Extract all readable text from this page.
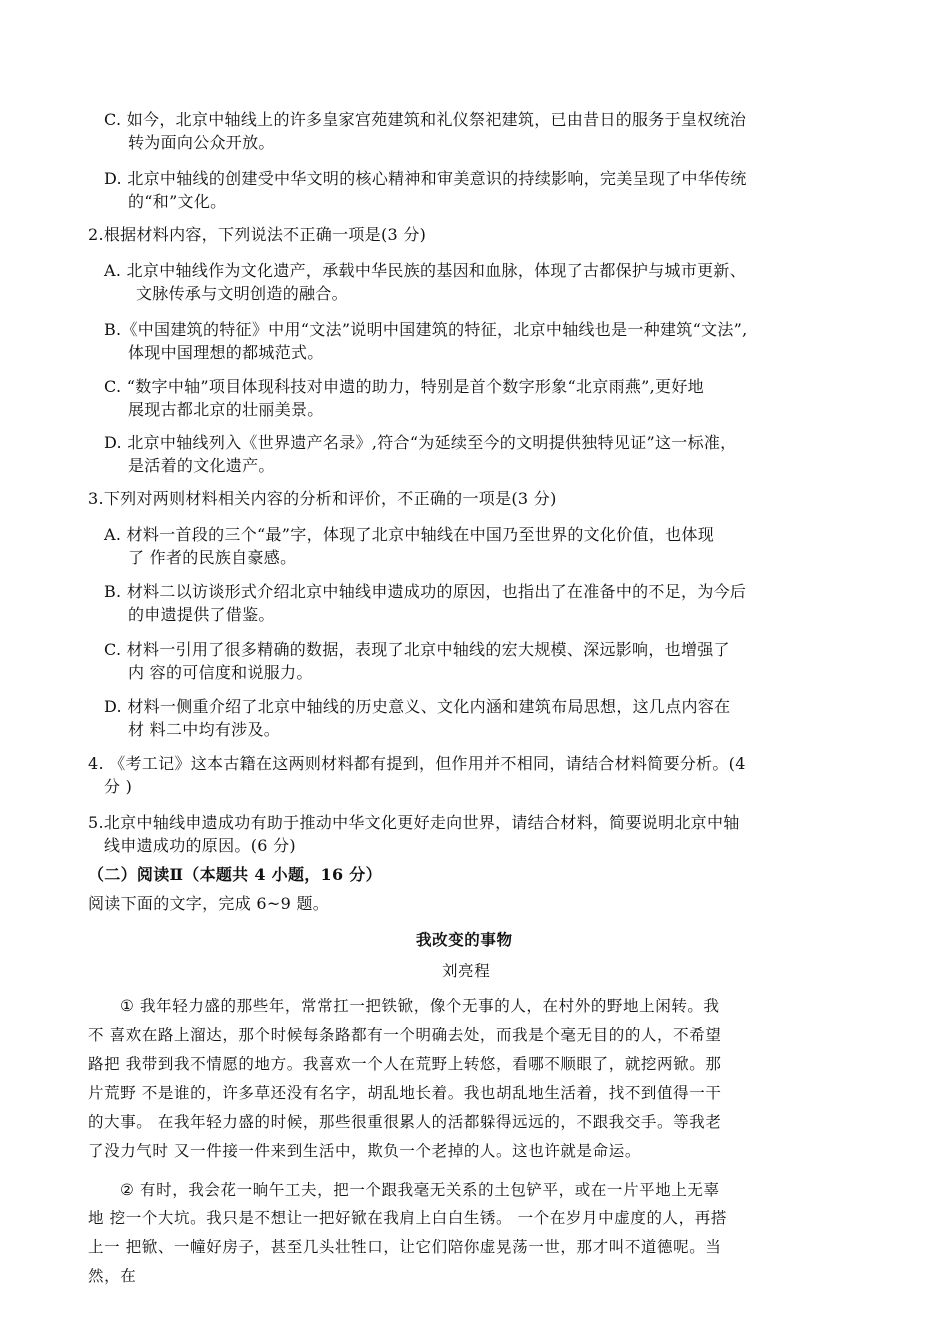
C. 如今，北京中轴线上的许多皇家宫苑建筑和礼仪祭祀建筑，已由昔日的服务于皇权统治
转为面向公众开放。
D. 北京中轴线的创建受中华文明的核心精神和审美意识的持续影响，完美呈现了中华传统
的“和”文化。
2.根据材料内容，下列说法不正确一项是(3 分)
A. 北京中轴线作为文化遗产，承载中华民族的基因和血脉，体现了古都保护与城市更新、
文脉传承与文明创造的融合。
B.《中国建筑的特征》中用“文法”说明中国建筑的特征，北京中轴线也是一种建筑“文法”,
体现中国理想的都城范式。
C. “数字中轴”项目体现科技对申遗的助力，特别是首个数字形象“北京雨燕”,更好地
展现古都北京的壮丽美景。
D. 北京中轴线列入《世界遗产名录》,符合“为延续至今的文明提供独特见证”这一标准，
是活着的文化遗产。
3.下列对两则材料相关内容的分析和评价，不正确的一项是(3 分)
A. 材料一首段的三个“最”字，体现了北京中轴线在中国乃至世界的文化价值，也体现
了 作者的民族自豪感。
B. 材料二以访谈形式介绍北京中轴线申遗成功的原因，也指出了在准备中的不足，为今后
的申遗提供了借鉴。
C. 材料一引用了很多精确的数据，表现了北京中轴线的宏大规模、深远影响，也增强了
内 容的可信度和说服力。
D. 材料一侧重介绍了北京中轴线的历史意义、文化内涵和建筑布局思想，这几点内容在
材 料二中均有涉及。
4. 《考工记》这本古籍在这两则材料都有提到，但作用并不相同，请结合材料简要分析。(4
分 )
5.北京中轴线申遗成功有助于推动中华文化更好走向世界，请结合材料，简要说明北京中轴
线申遗成功的原因。(6 分)
（二）阅读Ⅱ（本题共 4 小题，16 分）
阅读下面的文字，完成 6~9 题。
我改变的事物
刘亮程
① 我年轻力盛的那些年，常常扛一把铁锨，像个无事的人，在村外的野地上闲转。我
不 喜欢在路上溜达，那个时候每条路都有一个明确去处，而我是个毫无目的的人，不希望
路把 我带到我不情愿的地方。我喜欢一个人在荒野上转悠，看哪不顺眼了，就挖两锨。那
片荒野 不是谁的，许多草还没有名字，胡乱地长着。我也胡乱地生活着，找不到值得一干
的大事。 在我年轻力盛的时候，那些很重很累人的活都躲得远远的，不跟我交手。等我老
了没力气时 又一件接一件来到生活中，欺负一个老掉的人。这也许就是命运。
② 有时，我会花一晌午工夫，把一个跟我毫无关系的土包铲平，或在一片平地上无辜
地 挖一个大坑。我只是不想让一把好锨在我肩上白白生锈。 一个在岁月中虚度的人，再搭
上一 把锨、一幢好房子，甚至几头壮牲口，让它们陪你虚晃荡一世，那才叫不道德呢。当
然，在
